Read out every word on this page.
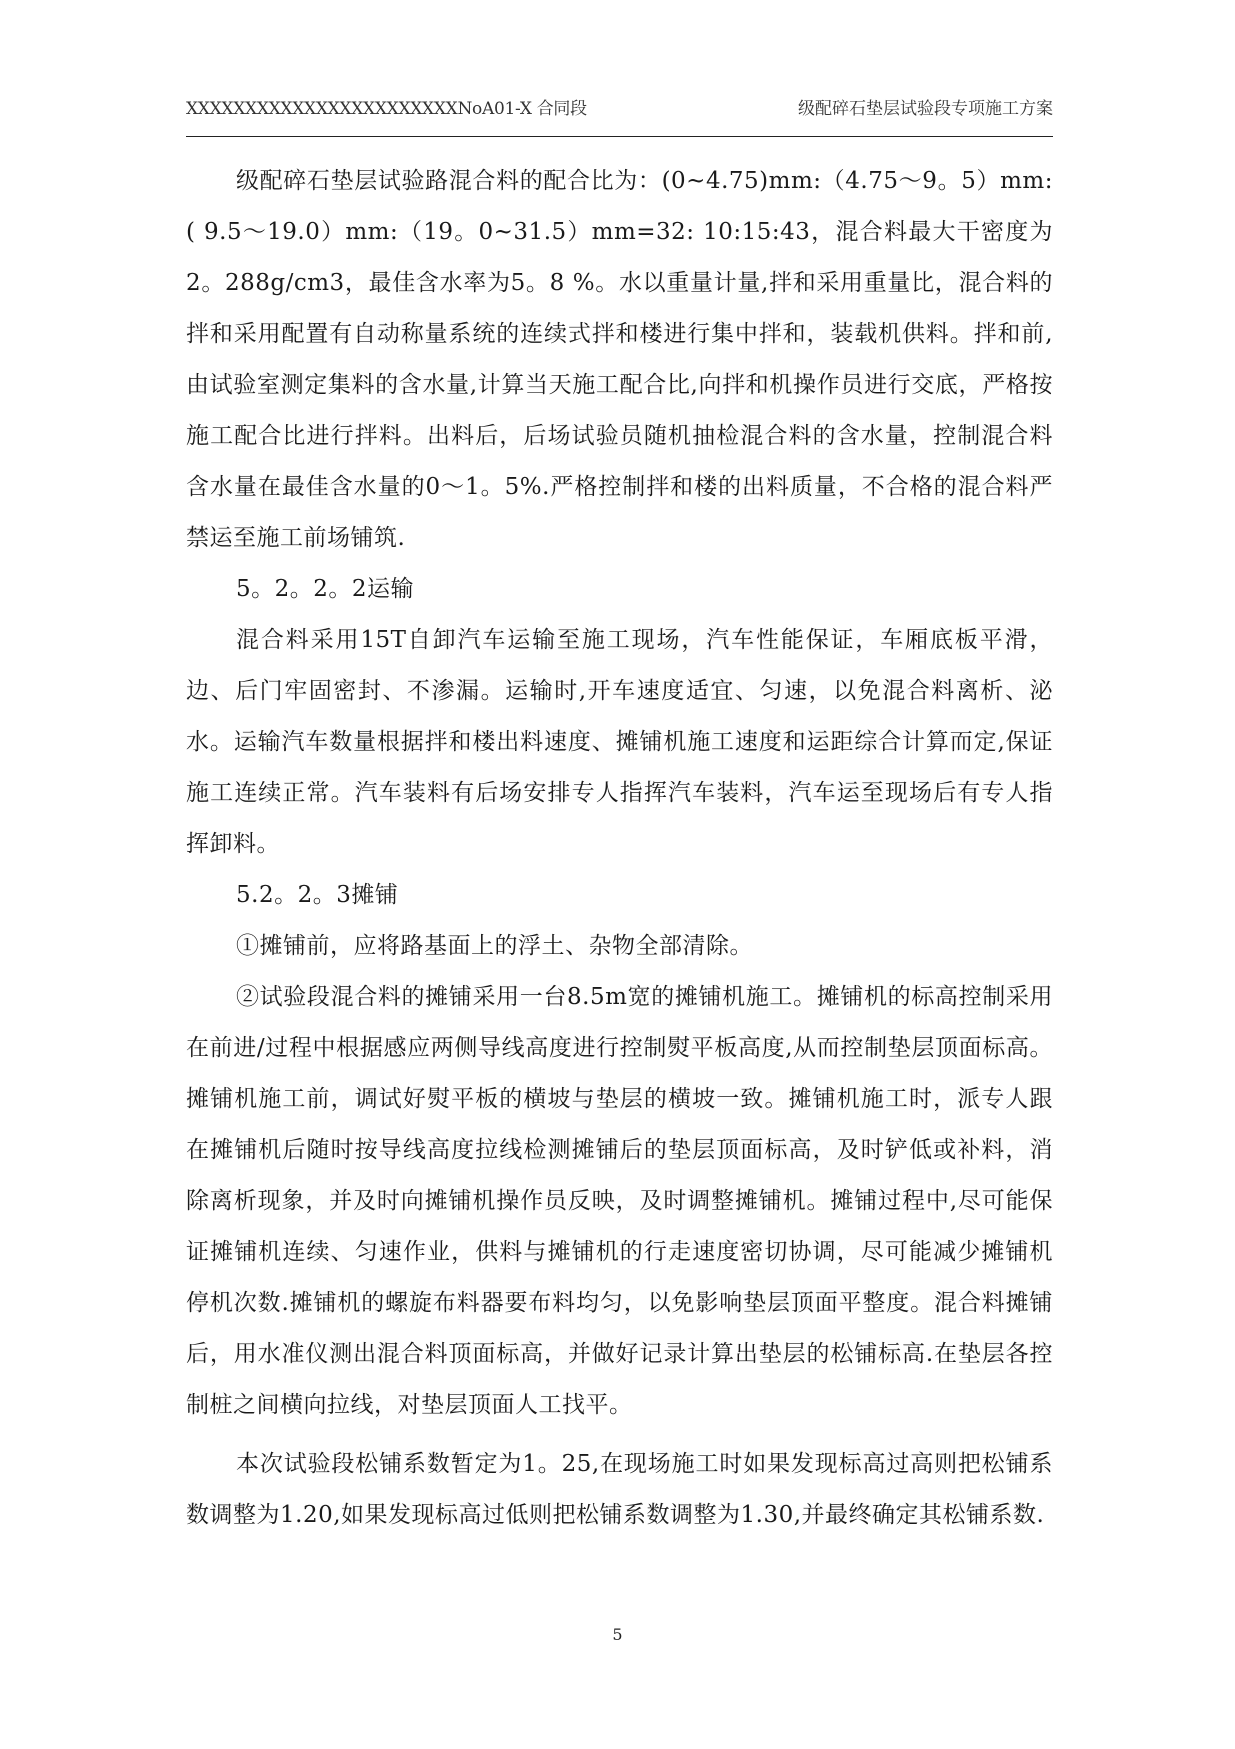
XXXXXXXXXXXXXXXXXXXXXXXNoA01-X 合同段	级配碎石垫层试验段专项施工方案

级配碎石垫层试验路混合料的配合比为：(0~4.75)mm:（4.75～9。5）mm:( 9.5～19.0）mm:（19。0~31.5）mm=32: 10:15:43，混合料最大干密度为2。288g/cm3，最佳含水率为5。8 %。水以重量计量,拌和采用重量比，混合料的拌和采用配置有自动称量系统的连续式拌和楼进行集中拌和，装载机供料。拌和前,由试验室测定集料的含水量,计算当天施工配合比,向拌和机操作员进行交底，严格按施工配合比进行拌料。出料后，后场试验员随机抽检混合料的含水量，控制混合料含水量在最佳含水量的0～1。5%.严格控制拌和楼的出料质量，不合格的混合料严禁运至施工前场铺筑.

5。2。2。2运输

混合料采用15T自卸汽车运输至施工现场，汽车性能保证，车厢底板平滑，边、后门牢固密封、不渗漏。运输时,开车速度适宜、匀速，以免混合料离析、泌水。运输汽车数量根据拌和楼出料速度、摊铺机施工速度和运距综合计算而定,保证施工连续正常。汽车装料有后场安排专人指挥汽车装料，汽车运至现场后有专人指挥卸料。

5.2。2。3摊铺

①摊铺前，应将路基面上的浮土、杂物全部清除。

②试验段混合料的摊铺采用一台8.5m宽的摊铺机施工。摊铺机的标高控制采用在前进/过程中根据感应两侧导线高度进行控制熨平板高度,从而控制垫层顶面标高。摊铺机施工前，调试好熨平板的横坡与垫层的横坡一致。摊铺机施工时，派专人跟在摊铺机后随时按导线高度拉线检测摊铺后的垫层顶面标高，及时铲低或补料，消除离析现象，并及时向摊铺机操作员反映，及时调整摊铺机。摊铺过程中,尽可能保证摊铺机连续、匀速作业，供料与摊铺机的行走速度密切协调，尽可能减少摊铺机停机次数.摊铺机的螺旋布料器要布料均匀，以免影响垫层顶面平整度。混合料摊铺后，用水准仪测出混合料顶面标高，并做好记录计算出垫层的松铺标高.在垫层各控制桩之间横向拉线，对垫层顶面人工找平。

本次试验段松铺系数暂定为1。25,在现场施工时如果发现标高过高则把松铺系数调整为1.20,如果发现标高过低则把松铺系数调整为1.30,并最终确定其松铺系数.

5
